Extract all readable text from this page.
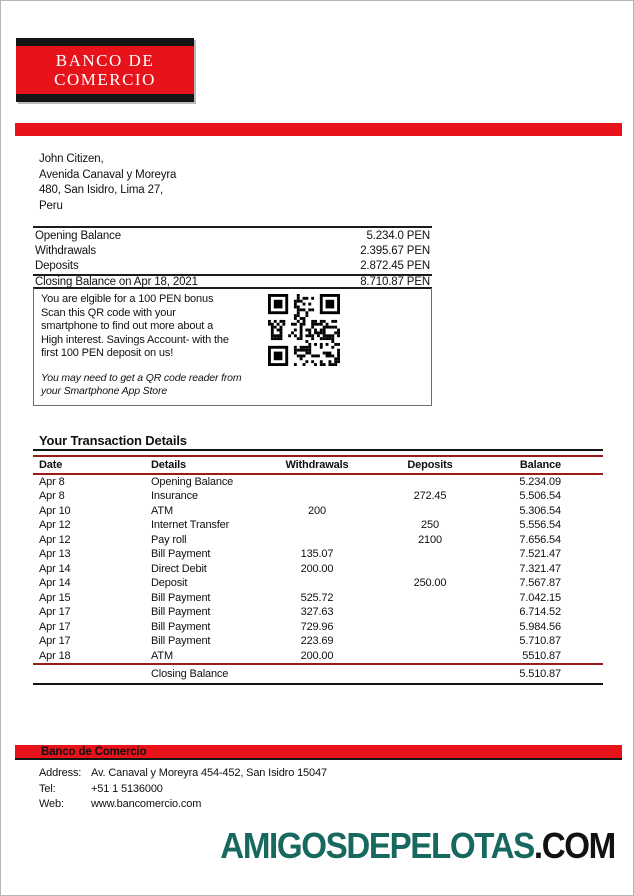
BANCO DE
COMERCIO
John Citizen,
Avenida Canaval y Moreyra
480, San Isidro, Lima 27,
Peru
Opening Balance	5.234.0 PEN
Withdrawals	2.395.67 PEN
Deposits	2.872.45 PEN
Closing Balance on Apr 18, 2021	8.710.87 PEN
You are elgible for a 100 PEN bonus
Scan this QR code with your
smartphone to find out more about a
High interest. Savings Account- with the
first 100 PEN deposit on us!
You may need to get a QR code reader from
your Smartphone App Store
Your Transaction Details
Date	Details	Withdrawals	Deposits	Balance
Apr 8	Opening Balance			5.234.09
Apr 8	Insurance		272.45	5.506.54
Apr 10	ATM	200		5.306.54
Apr 12	Internet Transfer		250	5.556.54
Apr 12	Pay roll		2100	7.656.54
Apr 13	Bill Payment	135.07		7.521.47
Apr 14	Direct Debit	200.00		7.321.47
Apr 14	Deposit		250.00	7.567.87
Apr 15	Bill Payment	525.72		7.042.15
Apr 17	Bill Payment	327.63		6.714.52
Apr 17	Bill Payment	729.96		5.984.56
Apr 17	Bill Payment	223.69		5.710.87
Apr 18	ATM	200.00		5510.87
	Closing Balance			5.510.87
Banco de Comercio
Address: Av. Canaval y Moreyra 454-452, San Isidro 15047
Tel:	+51 1 5136000
Web: www.bancomercio.com
AMIGOSDEPELOTAS.COM
